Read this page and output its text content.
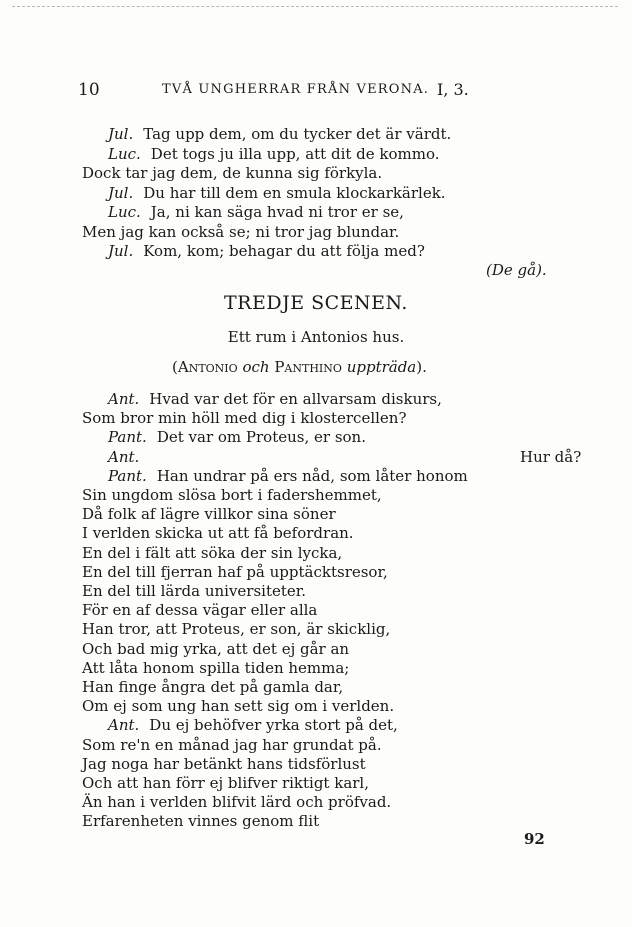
10	TVÅ UNGHERRAR FRÅN VERONA. I, 3.
Jul. Tag upp dem, om du tycker det är värdt.
Luc. Det togs ju illa upp, att dit de kommo.
Dock tar jag dem, de kunna sig förkyla.
Jul. Du har till dem en smula klockarkärlek.
Luc. Ja, ni kan säga hvad ni tror er se,
Men jag kan också se; ni tror jag blundar.
Jul. Kom, kom; behagar du att följa med?
(De gå).
TREDJE SCENEN.
Ett rum i Antonios hus.
(Antonio och Panthino uppträda).
Ant. Hvad var det för en allvarsam diskurs,
Som bror min höll med dig i klostercellen?
Pant. Det var om Proteus, er son.
Ant.	Hur då?
Pant. Han undrar på ers nåd, som låter honom
Sin ungdom slösa bort i fadershemmet,
Då folk af lägre villkor sina söner
I verlden skicka ut att få befordran.
En del i fält att söka der sin lycka,
En del till fjerran haf på upptäcktsresor,
En del till lärda universiteter.
För en af dessa vägar eller alla
Han tror, att Proteus, er son, är skicklig,
Och bad mig yrka, att det ej går an
Att låta honom spilla tiden hemma;
Han finge ångra det på gamla dar,
Om ej som ung han sett sig om i verlden.
Ant. Du ej behöfver yrka stort på det,
Som re'n en månad jag har grundat på.
Jag noga har betänkt hans tidsförlust
Och att han förr ej blifver riktigt karl,
Än han i verlden blifvit lärd och pröfvad.
Erfarenheten vinnes genom flit
92
